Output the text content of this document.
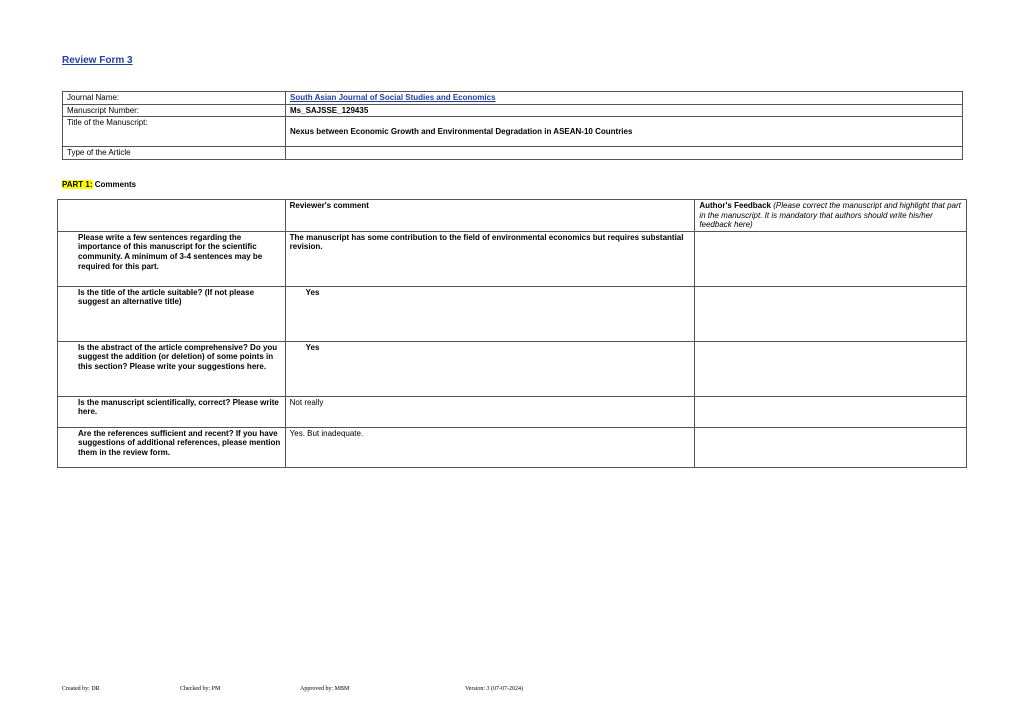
Review Form 3
Journal Name:	South Asian Journal of Social Studies and Economics
Manuscript Number:	Ms_SAJSSE_129435
Title of the Manuscript:	Nexus between Economic Growth and Environmental Degradation in ASEAN-10 Countries
Type of the Article	
PART 1: Comments
	Reviewer's comment	Author's Feedback (Please correct the manuscript and highlight that part in the manuscript. It is mandatory that authors should write his/her feedback here)
Please write a few sentences regarding the importance of this manuscript for the scientific community. A minimum of 3-4 sentences may be required for this part.	The manuscript has some contribution to the field of environmental economics but requires substantial revision.	
Is the title of the article suitable? (If not please suggest an alternative title)	Yes	
Is the abstract of the article comprehensive? Do you suggest the addition (or deletion) of some points in this section? Please write your suggestions here.	Yes	
Is the manuscript scientifically, correct? Please write here.	Not really	
Are the references sufficient and recent? If you have suggestions of additional references, please mention them in the review form.	Yes. But inadequate.	
Created by: DR	Checked by: PM	Approved by: MBM	Version: 3 (07-07-2024)
